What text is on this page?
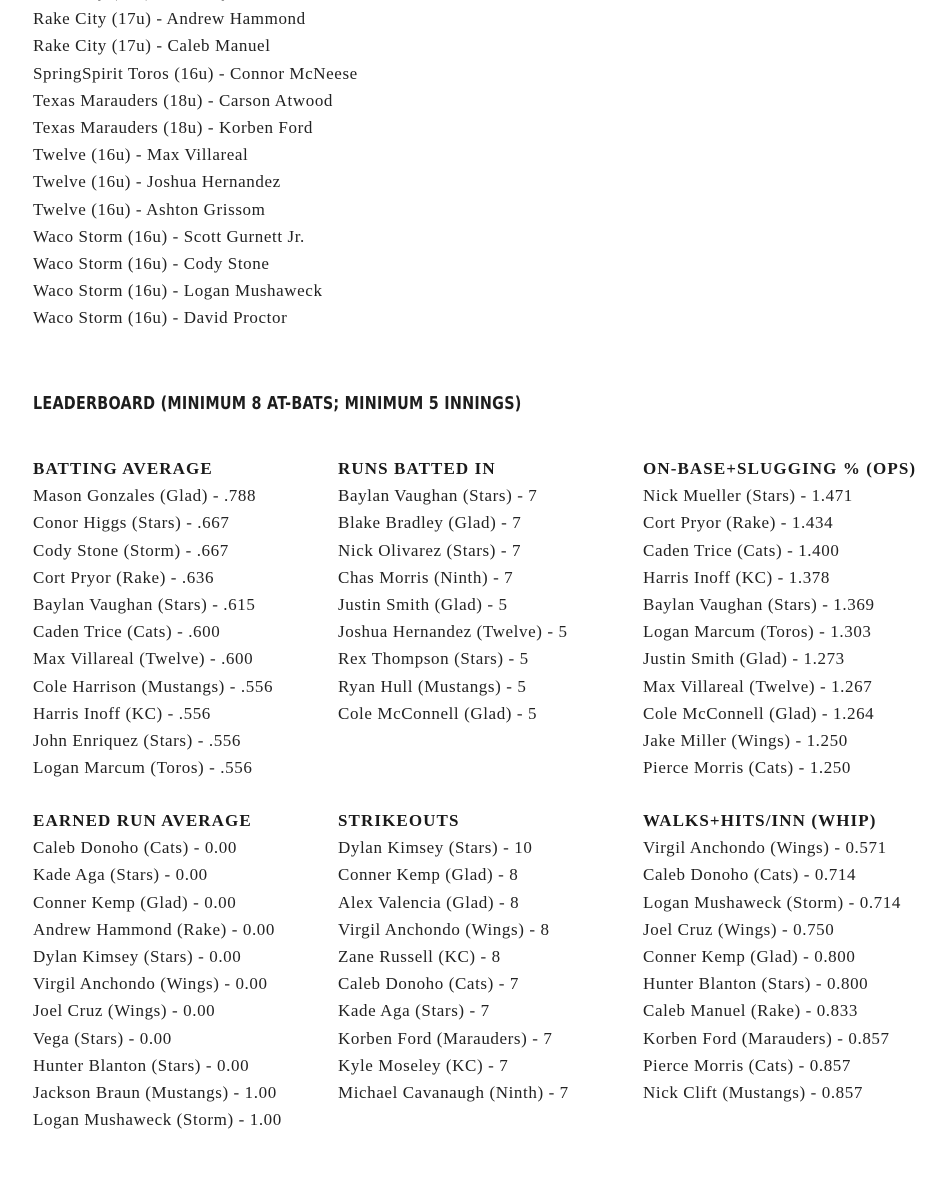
Rake City (17u) - Andrew Hammond
Rake City (17u) - Caleb Manuel
SpringSpirit Toros (16u) - Connor McNeese
Texas Marauders (18u) - Carson Atwood
Texas Marauders (18u) - Korben Ford
Twelve (16u) - Max Villareal
Twelve (16u) - Joshua Hernandez
Twelve (16u) - Ashton Grissom
Waco Storm (16u) - Scott Gurnett Jr.
Waco Storm (16u) - Cody Stone
Waco Storm (16u) - Logan Mushaweck
Waco Storm (16u) - David Proctor
LEADERBOARD (MINIMUM 8 AT-BATS; MINIMUM 5 INNINGS)
BATTING AVERAGE
Mason Gonzales (Glad) - .788
Conor Higgs (Stars) - .667
Cody Stone (Storm) - .667
Cort Pryor (Rake) - .636
Baylan Vaughan (Stars) - .615
Caden Trice (Cats) - .600
Max Villareal (Twelve) - .600
Cole Harrison (Mustangs) - .556
Harris Inoff (KC) - .556
John Enriquez (Stars) - .556
Logan Marcum (Toros) - .556
RUNS BATTED IN
Baylan Vaughan (Stars) - 7
Blake Bradley (Glad) - 7
Nick Olivarez (Stars) - 7
Chas Morris (Ninth) - 7
Justin Smith (Glad) - 5
Joshua Hernandez (Twelve) - 5
Rex Thompson (Stars) - 5
Ryan Hull (Mustangs) - 5
Cole McConnell (Glad) - 5
ON-BASE+SLUGGING % (OPS)
Nick Mueller (Stars) - 1.471
Cort Pryor (Rake) - 1.434
Caden Trice (Cats) - 1.400
Harris Inoff (KC) - 1.378
Baylan Vaughan (Stars) - 1.369
Logan Marcum (Toros) - 1.303
Justin Smith (Glad) - 1.273
Max Villareal (Twelve) - 1.267
Cole McConnell (Glad) - 1.264
Jake Miller (Wings) - 1.250
Pierce Morris (Cats) - 1.250
EARNED RUN AVERAGE
Caleb Donoho (Cats) - 0.00
Kade Aga (Stars) - 0.00
Conner Kemp (Glad) - 0.00
Andrew Hammond (Rake) - 0.00
Dylan Kimsey (Stars) - 0.00
Virgil Anchondo (Wings) - 0.00
Joel Cruz (Wings) - 0.00
Vega (Stars) - 0.00
Hunter Blanton (Stars) - 0.00
Jackson Braun (Mustangs) - 1.00
Logan Mushaweck (Storm) - 1.00
STRIKEOUTS
Dylan Kimsey (Stars) - 10
Conner Kemp (Glad) - 8
Alex Valencia (Glad) - 8
Virgil Anchondo (Wings) - 8
Zane Russell (KC) - 8
Caleb Donoho (Cats) - 7
Kade Aga (Stars) - 7
Korben Ford (Marauders) - 7
Kyle Moseley (KC) - 7
Michael Cavanaugh (Ninth) - 7
WALKS+HITS/INN (WHIP)
Virgil Anchondo (Wings) - 0.571
Caleb Donoho (Cats) - 0.714
Logan Mushaweck (Storm) - 0.714
Joel Cruz (Wings) - 0.750
Conner Kemp (Glad) - 0.800
Hunter Blanton (Stars) - 0.800
Caleb Manuel (Rake) - 0.833
Korben Ford (Marauders) - 0.857
Pierce Morris (Cats) - 0.857
Nick Clift (Mustangs) - 0.857
